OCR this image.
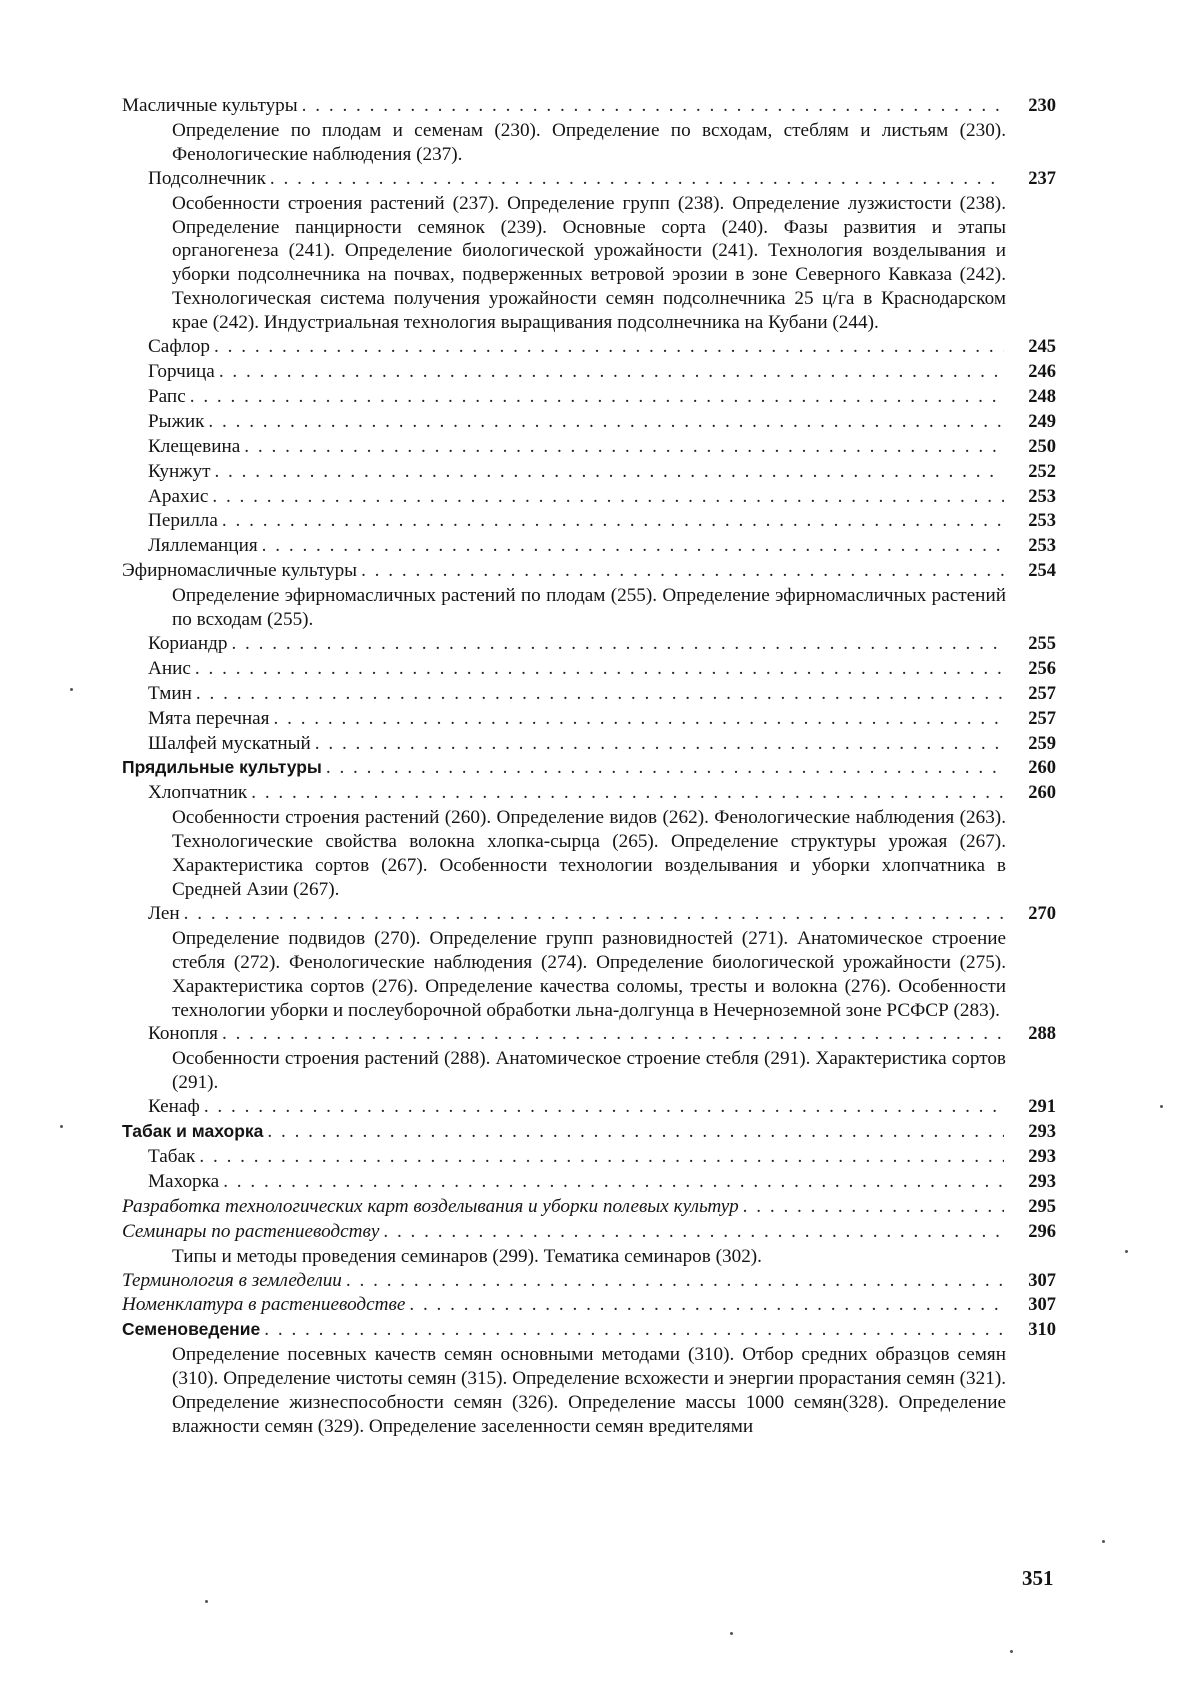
Масличные культуры . . .	230
Определение по плодам и семенам (230). Определение по всходам, стеблям и листьям (230). Фенологические наблюдения (237).
Подсолнечник . . .	237
Особенности строения растений (237). Определение групп (238). Определение лузжистости (238). Определение панцирности семянок (239). Основные сорта (240). Фазы развития и этапы органогенеза (241). Определение биологической урожайности (241). Технология возделывания и уборки подсолнечника на почвах, подверженных ветровой эрозии в зоне Северного Кавказа (242). Технологическая система получения урожайности семян подсолнечника 25 ц/га в Краснодарском крае (242). Индустриальная технология выращивания подсолнечника на Кубани (244).
Сафлор . . .	245
Горчица . . .	246
Рапс . . .	248
Рыжик . . .	249
Клещевина . . .	250
Кунжут . . .	252
Арахис . . .	253
Перилла . . .	253
Ляллеманция . . .	253
Эфирномасличные культуры . . .	254
Определение эфирномасличных растений по плодам (255). Определение эфирномасличных растений по всходам (255).
Кориандр . . .	255
Анис . . .	256
Тмин . . .	257
Мята перечная . . .	257
Шалфей мускатный . . .	259
Прядильные культуры . . .	260
Хлопчатник . . .	260
Особенности строения растений (260). Определение видов (262). Фенологические наблюдения (263). Технологические свойства волокна хлопка-сырца (265). Определение структуры урожая (267). Характеристика сортов (267). Особенности технологии возделывания и уборки хлопчатника в Средней Азии (267).
Лен . . .	270
Определение подвидов (270). Определение групп разновидностей (271). Анатомическое строение стебля (272). Фенологические наблюдения (274). Определение биологической урожайности (275). Характеристика сортов (276). Определение качества соломы, тресты и волокна (276). Особенности технологии уборки и послеуборочной обработки льна-долгунца в Нечерноземной зоне РСФСР (283).
Конопля . . .	288
Особенности строения растений (288). Анатомическое строение стебля (291). Характеристика сортов (291).
Кенаф . . .	291
Табак и махорка . . .	293
Табак . . .	293
Махорка . . .	293
Разработка технологических карт возделывания и уборки полевых культур . . .	295
Семинары по растениеводству . . .	296
Типы и методы проведения семинаров (299). Тематика семинаров (302).
Терминология в земледелии . . .	307
Номенклатура в растениеводстве . . .	307
Семеноведение . . .	310
Определение посевных качеств семян основными методами (310). Отбор средних образцов семян (310). Определение чистоты семян (315). Определение всхожести и энергии прорастания семян (321). Определение жизнеспособности семян (326). Определение массы 1000 семян(328). Определение влажности семян (329). Определение заселенности семян вредителями
351
